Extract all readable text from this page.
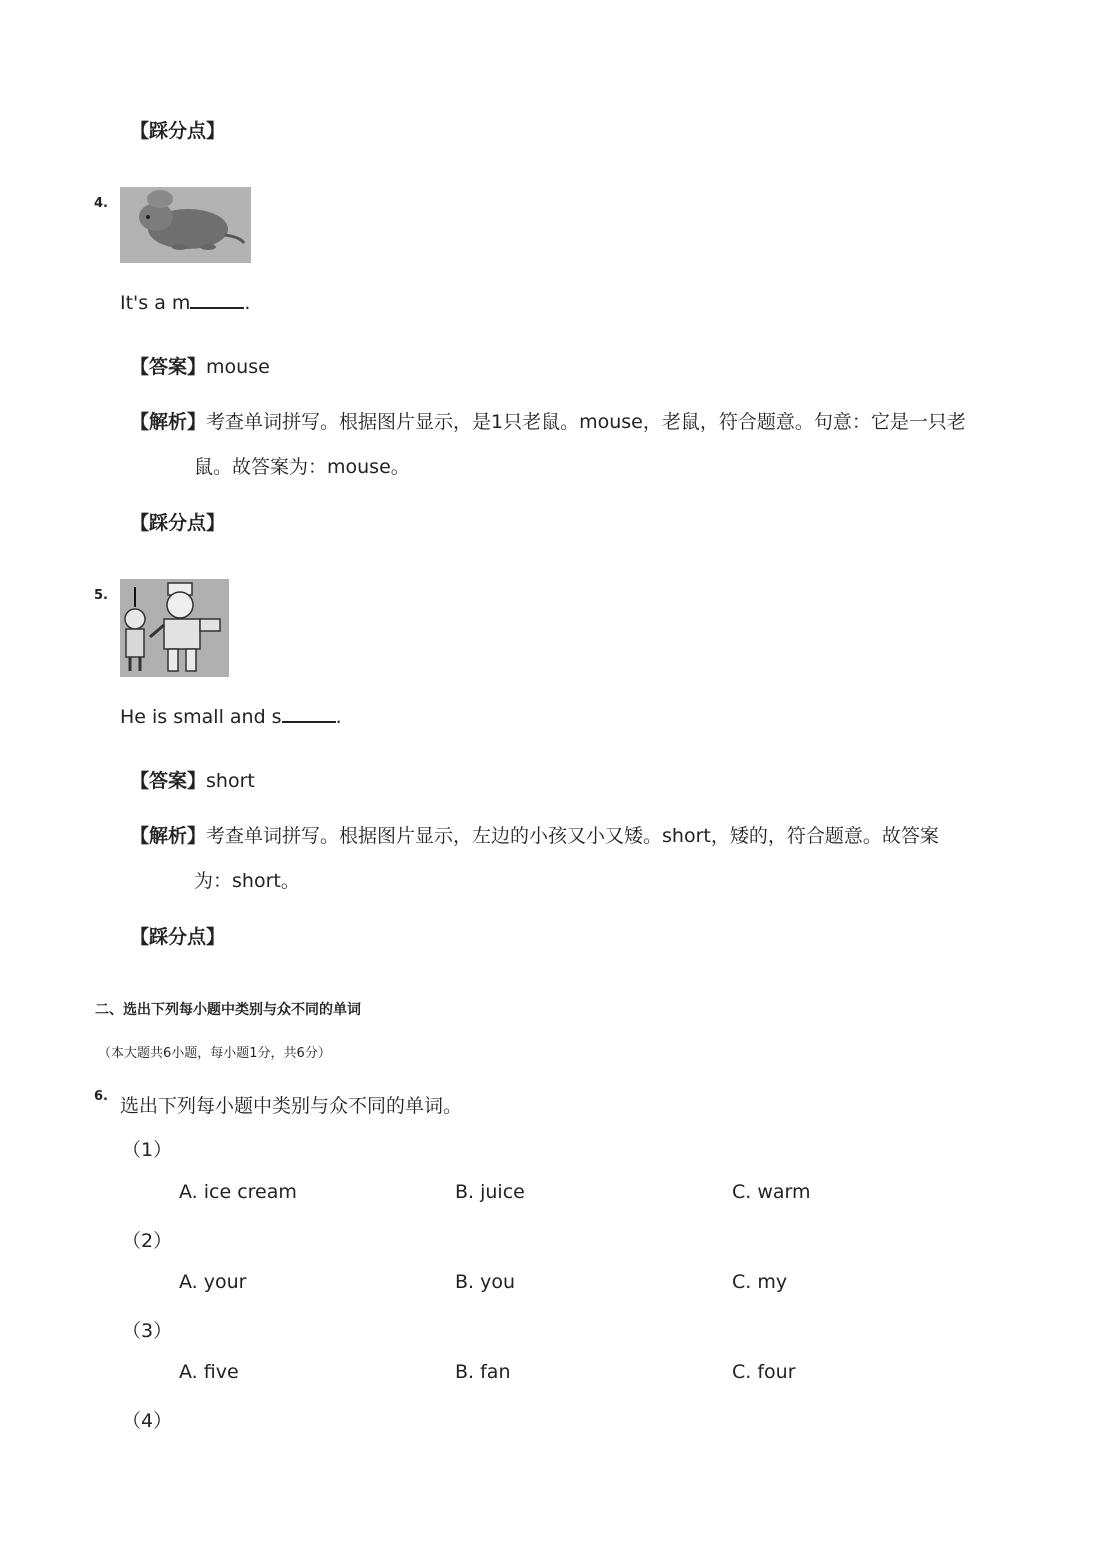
【踩分点】
4.
It's a m	.
【答案】mouse
【解析】考查单词拼写。根据图片显示，是1只老鼠。mouse，老鼠，符合题意。句意：它是一只老
鼠。故答案为：mouse。
【踩分点】
5.
He is small and s	.
【答案】short
【解析】考查单词拼写。根据图片显示，左边的小孩又小又矮。short，矮的，符合题意。故答案
为：short。
【踩分点】
二、选出下列每小题中类别与众不同的单词
（本大题共6小题，每小题1分，共6分）
6. 选出下列每小题中类别与众不同的单词。
（1）
A. ice cream	B. juice	C. warm
（2）
A. your	B. you	C. my
（3）
A. five	B. fan	C. four
（4）
